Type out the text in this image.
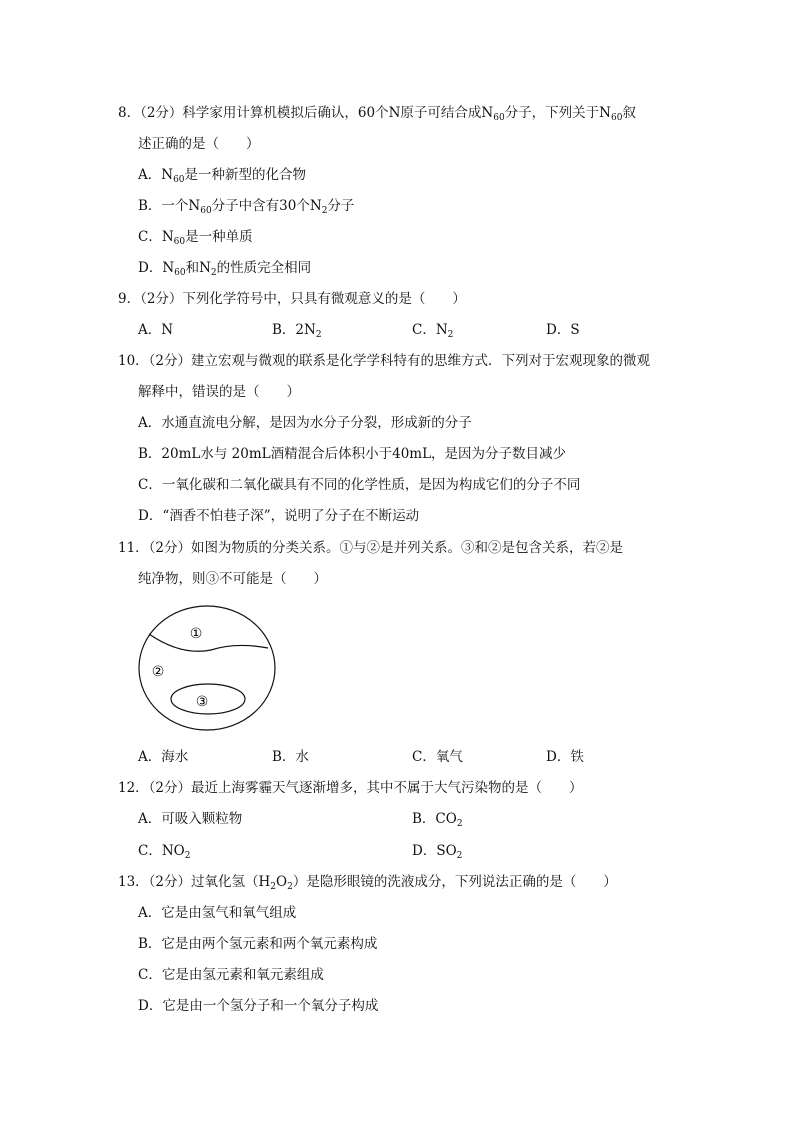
8．（2分）科学家用计算机模拟后确认，60个N原子可结合成$N_{60}$分子，下列关于$N_{60}$叙
述正确的是（　　）
A．$N_{60}$是一种新型的化合物
B．一个$N_{60}$分子中含有30个$N_2$分子
C．$N_{60}$是一种单质
D．$N_{60}$和$N_2$的性质完全相同
9．（2分）下列化学符号中，只具有微观意义的是（　　）
A．N	B．$2N_2$	C．$N_2$	D．S
10．（2分）建立宏观与微观的联系是化学学科特有的思维方式．下列对于宏观现象的微观
解释中，错误的是（　　）
A．水通直流电分解，是因为水分子分裂，形成新的分子
B．20mL水与 20mL酒精混合后体积小于40mL，是因为分子数目减少
C．一氧化碳和二氧化碳具有不同的化学性质，是因为构成它们的分子不同
D．“酒香不怕巷子深”，说明了分子在不断运动
11．（2分）如图为物质的分类关系。①与②是并列关系。③和②是包含关系，若②是
纯净物，则③不可能是（　　）
①
②
③
A．海水	B．水	C．氧气	D．铁
12．（2分）最近上海雾霾天气逐渐增多，其中不属于大气污染物的是（　　）
A．可吸入颗粒物	B．$CO_2$
C．$NO_2$	D．$SO_2$
13．（2分）过氧化氢$(H_2O_2)$是隐形眼镜的洗液成分，下列说法正确的是（　　）
A．它是由氢气和氧气组成
B．它是由两个氢元素和两个氧元素构成
C．它是由氢元素和氧元素组成
D．它是由一个氢分子和一个氧分子构成
